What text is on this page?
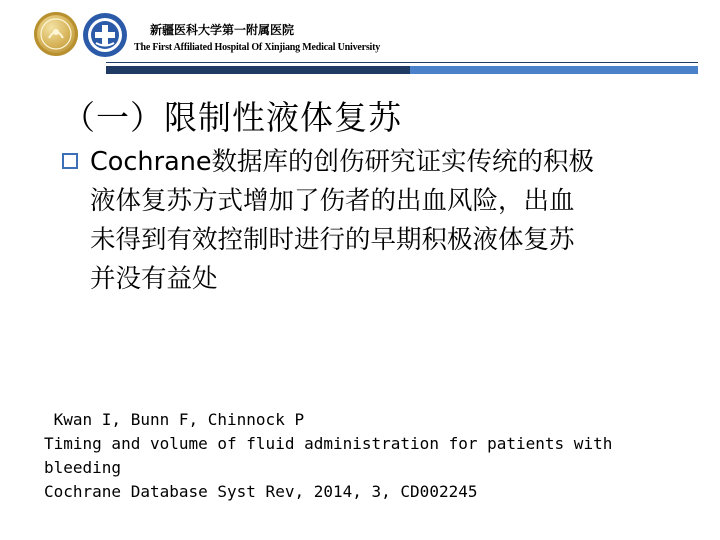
新疆医科大学第一附属医院
The First Affiliated Hospital Of Xinjiang Medical University
（一）限制性液体复苏
Cochrane数据库的创伤研究证实传统的积极
液体复苏方式增加了伤者的出血风险，出血
未得到有效控制时进行的早期积极液体复苏
并没有益处
Kwan I, Bunn F, Chinnock P
Timing and volume of fluid administration for patients with
bleeding
Cochrane Database Syst Rev, 2014, 3, CD002245
